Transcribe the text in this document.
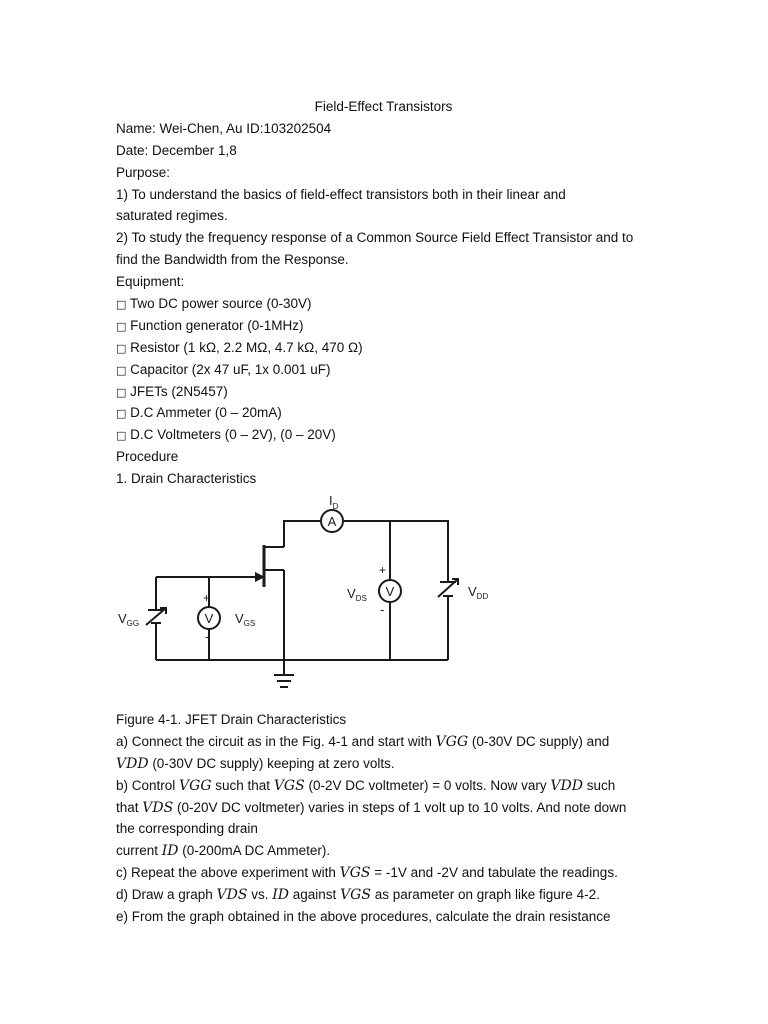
Field-Effect Transistors
Name: Wei-Chen, Au ID:103202504
Date: December 1,8
Purpose:
1) To understand the basics of field-effect transistors both in their linear and
saturated regimes.
2) To study the frequency response of a Common Source Field Effect Transistor and to
find the Bandwidth from the Response.
Equipment:
□ Two DC power source (0-30V)
□ Function generator (0-1MHz)
□ Resistor (1 kΩ, 2.2 MΩ, 4.7 kΩ, 470 Ω)
□ Capacitor (2x 47 uF, 1x 0.001 uF)
□ JFETs (2N5457)
□ D.C Ammeter (0 – 20mA)
□ D.C Voltmeters (0 – 2V), (0 – 20V)
Procedure
1. Drain Characteristics
A
$I_D$
V
+
-
$V_{DS}$	$V_{DD}$
$V_{GG}$	V
+
-
$V_{GS}$
Figure 4-1. JFET Drain Characteristics
a) Connect the circuit as in the Fig. 4-1 and start with VGG (0-30V DC supply) and
VDD (0-30V DC supply) keeping at zero volts.
b) Control VGG such that VGS (0-2V DC voltmeter) = 0 volts. Now vary VDD such
that VDS (0-20V DC voltmeter) varies in steps of 1 volt up to 10 volts. And note down
the corresponding drain
current ID (0-200mA DC Ammeter).
c) Repeat the above experiment with VGS = -1V and -2V and tabulate the readings.
d) Draw a graph VDS vs. ID against VGS as parameter on graph like figure 4-2.
e) From the graph obtained in the above procedures, calculate the drain resistance
